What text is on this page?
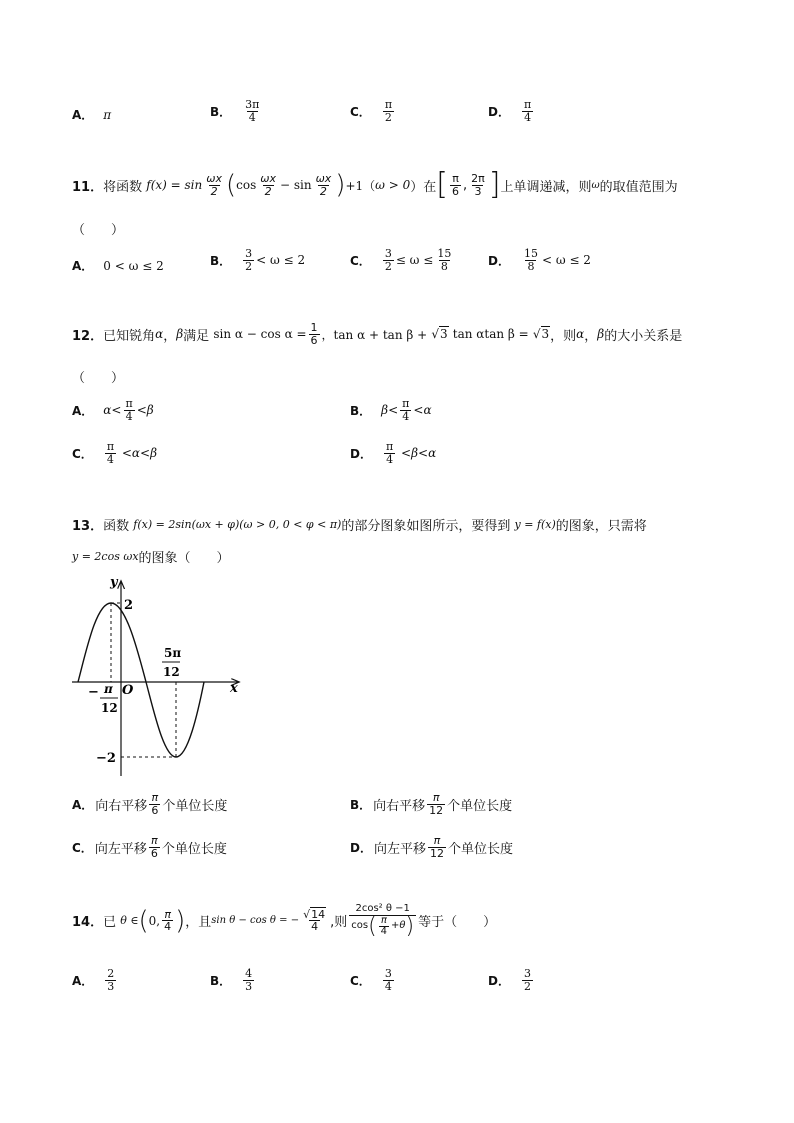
A． π	B． $\frac{3\pi}{4}$	C． $\frac{\pi}{2}$	D． $\frac{\pi}{4}$
11． 将函数
$f(x) = \sin \frac{\omega x}{2}$ ( $\cos \frac{\omega x}{2} - \sin \frac{\omega x}{2}$ ) +1（ ω > 0 ）在 [ $\frac{\pi}{6}$ , $\frac{2\pi}{3}$ ] 上单调递减，则 ω 的取值范围为
（　　）
A． 0 < ω ≤ 2	B． $\frac{3}{2} < \omega \le 2$	C． $\frac{3}{2} \le \omega \le \frac{15}{8}$	D． $\frac{15}{8} < \omega \le 2$
12． 已知锐角 α ， β 满足
$\sin \alpha - \cos \alpha = \frac{1}{6}$ ，tan α + tan β +
√3
tan αtan β =
√3 ，则 α ， β 的大小关系是
（　　）
A． $\alpha< \frac{\pi}{4} <\beta$	B． $\beta< \frac{\pi}{4} <\alpha$
C． $\frac{\pi}{4} <\alpha<\beta$	D． $\frac{\pi}{4} <\beta<\alpha$
13． 函数
f(x) = 2sin(ωx + φ)(ω > 0, 0 < φ < π) 的部分图象如图所示，要得到
y = f(x) 的图象，只需将
y = 2cos ωx 的图象（　　）
y
x
O
2
−2
− π
12
5π
12
A． 向右平移 $\frac{\pi}{6}$ 个单位长度	B． 向右平移 $\frac{\pi}{12}$ 个单位长度
C． 向左平移 $\frac{\pi}{6}$ 个单位长度	D． 向左平移 $\frac{\pi}{12}$ 个单位长度
14． 已
θ ∈ ( 0, $\frac{\pi}{4}$ ) ，且 sin θ − cos θ = − $\frac{√14}{4}$ ,则 $\frac{\text{2cos² θ −1}}{\cos ( \frac{\pi}{4} +\theta )}$ 等于（　　）
A． $\frac{2}{3}$	B． $\frac{4}{3}$	C． $\frac{3}{4}$	D． $\frac{3}{2}$
